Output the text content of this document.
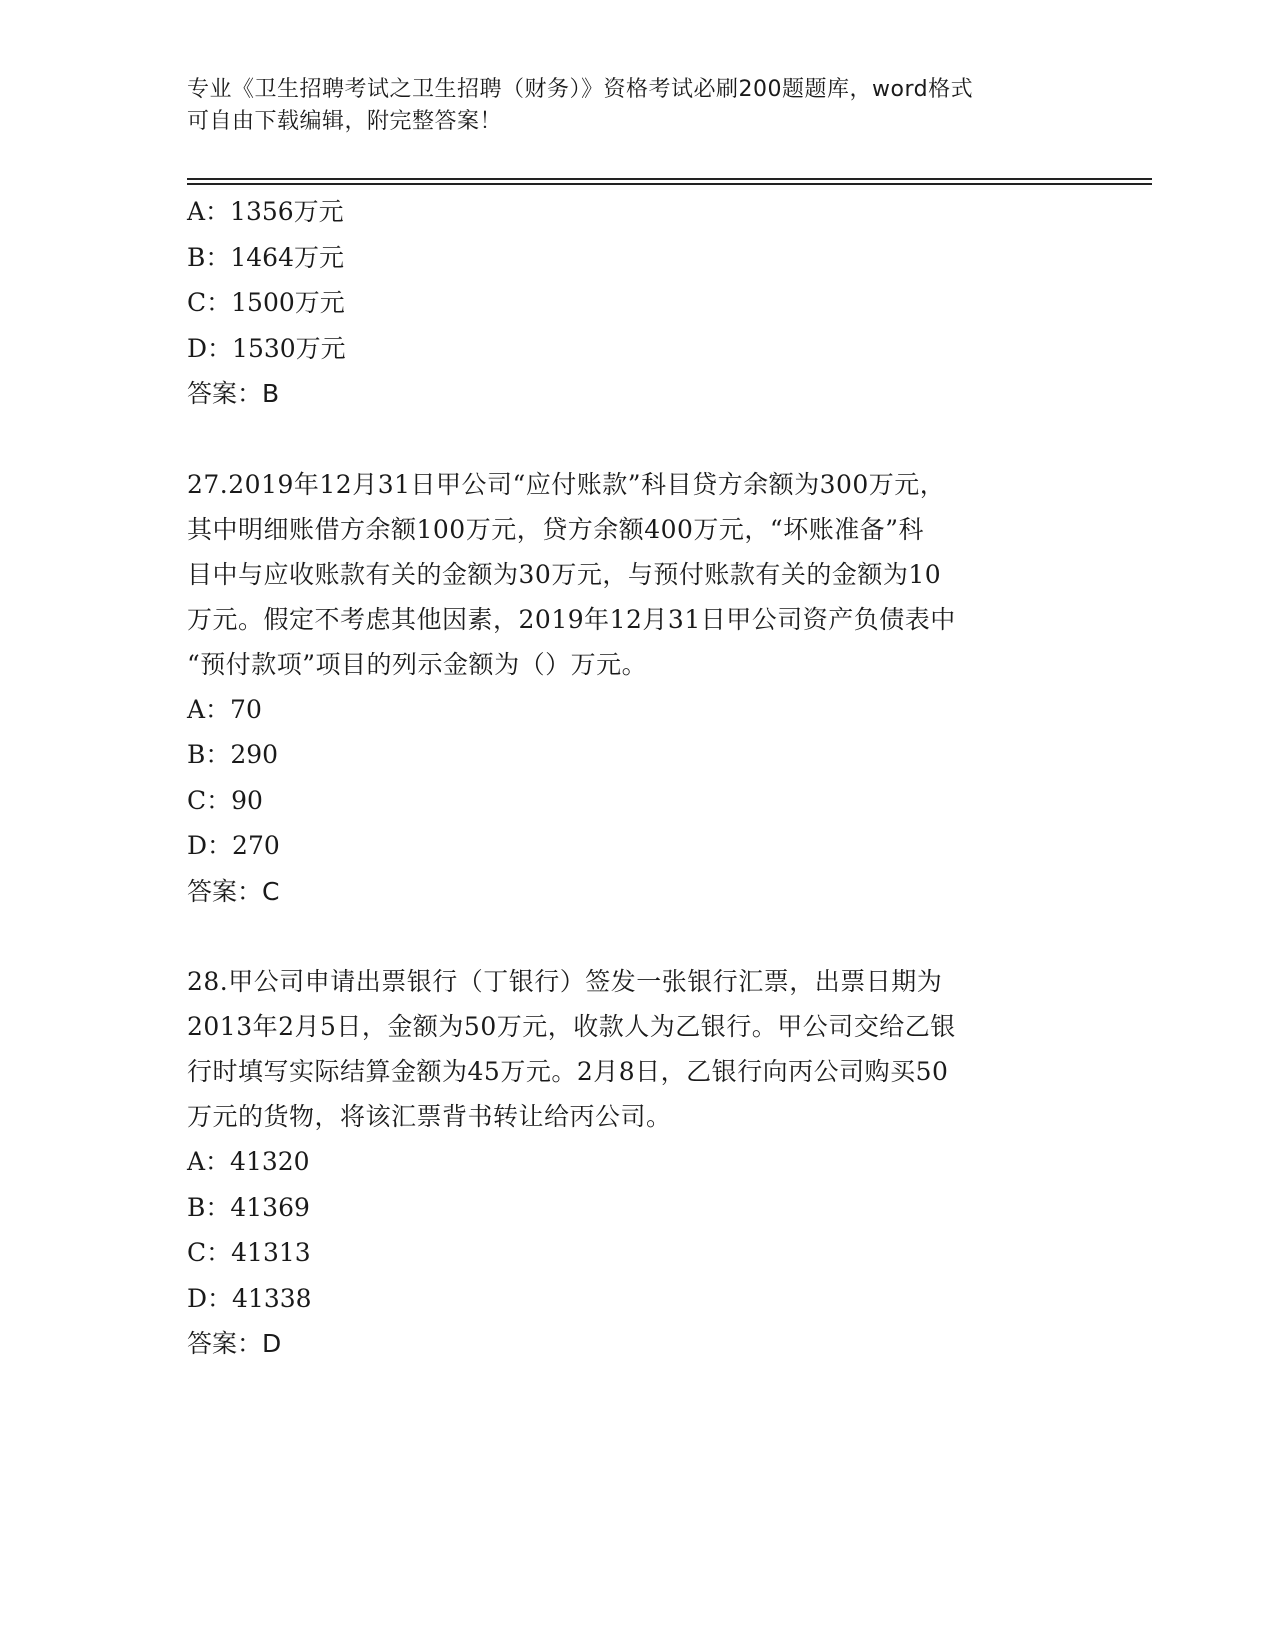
专业《卫生招聘考试之卫生招聘（财务）》资格考试必刷200题题库，word格式
可自由下载编辑，附完整答案！
A：1356万元
B：1464万元
C：1500万元
D：1530万元
答案：B
27.2019年12月31日甲公司“应付账款”科目贷方余额为300万元，
其中明细账借方余额100万元，贷方余额400万元，“坏账准备”科
目中与应收账款有关的金额为30万元，与预付账款有关的金额为10
万元。假定不考虑其他因素，2019年12月31日甲公司资产负债表中
“预付款项”项目的列示金额为（）万元。
A：70
B：290
C：90
D：270
答案：C
28.甲公司申请出票银行（丁银行）签发一张银行汇票，出票日期为
2013年2月5日，金额为50万元，收款人为乙银行。甲公司交给乙银
行时填写实际结算金额为45万元。2月8日，乙银行向丙公司购买50
万元的货物，将该汇票背书转让给丙公司。
A：41320
B：41369
C：41313
D：41338
答案：D
